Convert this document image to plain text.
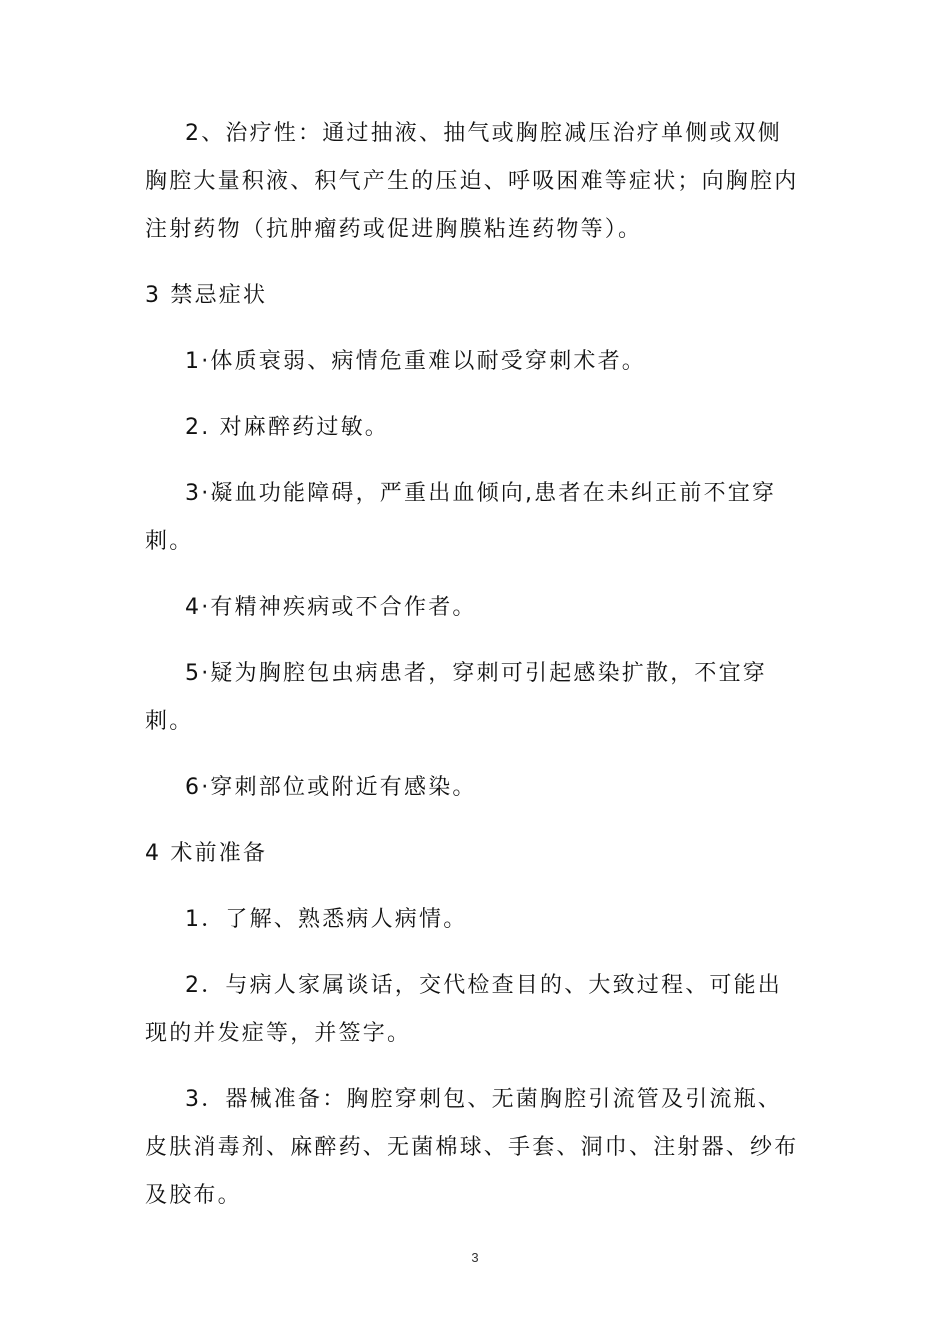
2、治疗性：通过抽液、抽气或胸腔减压治疗单侧或双侧胸腔大量积液、积气产生的压迫、呼吸困难等症状；向胸腔内注射药物（抗肿瘤药或促进胸膜粘连药物等）。

3 禁忌症状

1·体质衰弱、病情危重难以耐受穿刺术者。

2. 对麻醉药过敏。

3·凝血功能障碍，严重出血倾向,患者在未纠正前不宜穿刺。

4·有精神疾病或不合作者。

5·疑为胸腔包虫病患者，穿刺可引起感染扩散，不宜穿刺。

6·穿刺部位或附近有感染。

4 术前准备

1．了解、熟悉病人病情。

2．与病人家属谈话，交代检查目的、大致过程、可能出现的并发症等，并签字。

3．器械准备：胸腔穿刺包、无菌胸腔引流管及引流瓶、皮肤消毒剂、麻醉药、无菌棉球、手套、洞巾、注射器、纱布及胶布。

3
